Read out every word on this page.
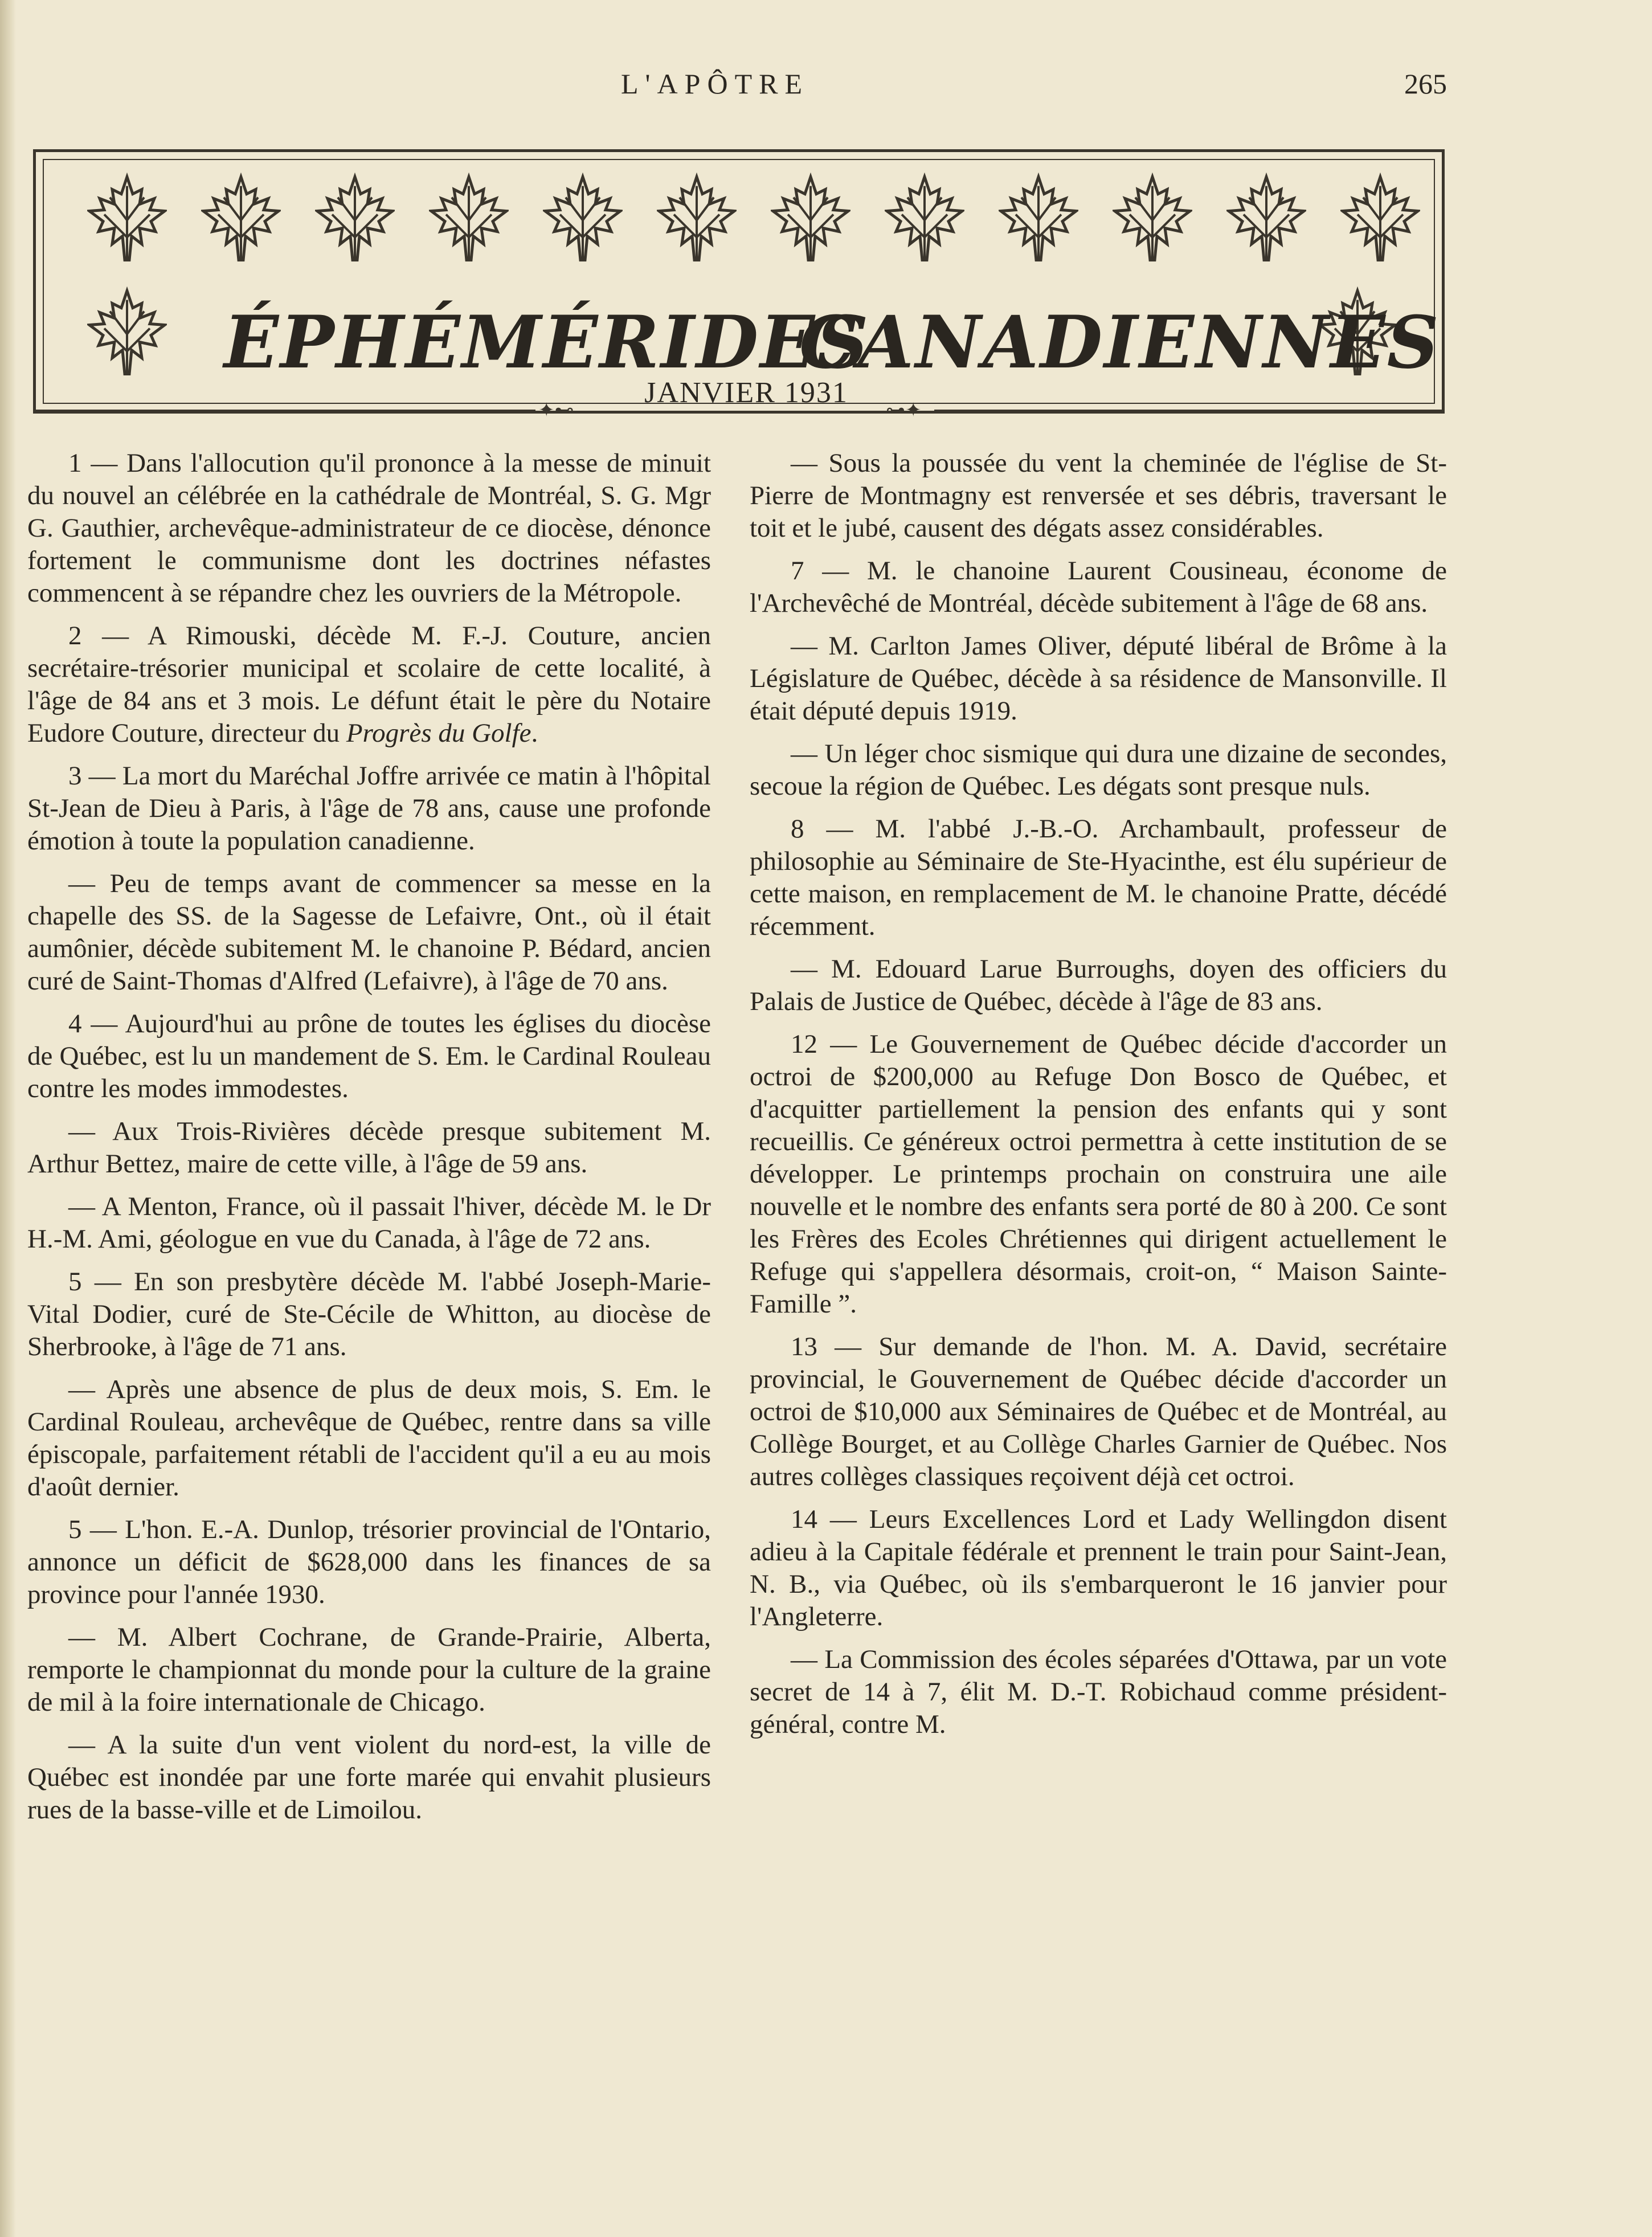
L'APÔTRE	265
ÉPHÉMÉRIDES
CANADIENNES
✦⊷
JANVIER 1931
⊶✦

1 — Dans l'allocution qu'il prononce à la messe de minuit du nouvel an célébrée en la cathédrale de Montréal, S. G. Mgr G. Gauthier, archevêque-administrateur de ce diocèse, dénonce fortement le communisme dont les doctrines néfastes commencent à se répandre chez les ouvriers de la Métropole.

2 — A Rimouski, décède M. F.-J. Couture, ancien secrétaire-trésorier municipal et scolaire de cette localité, à l'âge de 84 ans et 3 mois. Le défunt était le père du Notaire Eudore Couture, directeur du Progrès du Golfe.

3 — La mort du Maréchal Joffre arrivée ce matin à l'hôpital St-Jean de Dieu à Paris, à l'âge de 78 ans, cause une profonde émotion à toute la population canadienne.

— Peu de temps avant de commencer sa messe en la chapelle des SS. de la Sagesse de Lefaivre, Ont., où il était aumônier, décède subitement M. le chanoine P. Bédard, ancien curé de Saint-Thomas d'Alfred (Lefaivre), à l'âge de 70 ans.

4 — Aujourd'hui au prône de toutes les églises du diocèse de Québec, est lu un mandement de S. Em. le Cardinal Rouleau contre les modes immodestes.

— Aux Trois-Rivières décède presque subitement M. Arthur Bettez, maire de cette ville, à l'âge de 59 ans.

— A Menton, France, où il passait l'hiver, décède M. le Dr H.-M. Ami, géologue en vue du Canada, à l'âge de 72 ans.

5 — En son presbytère décède M. l'abbé Joseph-Marie-Vital Dodier, curé de Ste-Cécile de Whitton, au diocèse de Sherbrooke, à l'âge de 71 ans.

— Après une absence de plus de deux mois, S. Em. le Cardinal Rouleau, archevêque de Québec, rentre dans sa ville épiscopale, parfaitement rétabli de l'accident qu'il a eu au mois d'août dernier.

5 — L'hon. E.-A. Dunlop, trésorier provincial de l'Ontario, annonce un déficit de $628,000 dans les finances de sa province pour l'année 1930.

— M. Albert Cochrane, de Grande-Prairie, Alberta, remporte le championnat du monde pour la culture de la graine de mil à la foire internationale de Chicago.

— A la suite d'un vent violent du nord-est, la ville de Québec est inondée par une forte marée qui envahit plusieurs rues de la basse-ville et de Limoilou.

— Sous la poussée du vent la cheminée de l'église de St-Pierre de Montmagny est renversée et ses débris, traversant le toit et le jubé, causent des dégats assez considérables.

7 — M. le chanoine Laurent Cousineau, économe de l'Archevêché de Montréal, décède subitement à l'âge de 68 ans.

— M. Carlton James Oliver, député libéral de Brôme à la Législature de Québec, décède à sa résidence de Mansonville. Il était député depuis 1919.

— Un léger choc sismique qui dura une dizaine de secondes, secoue la région de Québec. Les dégats sont presque nuls.

8 — M. l'abbé J.-B.-O. Archambault, professeur de philosophie au Séminaire de Ste-Hyacinthe, est élu supérieur de cette maison, en remplacement de M. le chanoine Pratte, décédé récemment.

— M. Edouard Larue Burroughs, doyen des officiers du Palais de Justice de Québec, décède à l'âge de 83 ans.

12 — Le Gouvernement de Québec décide d'accorder un octroi de $200,000 au Refuge Don Bosco de Québec, et d'acquitter partiellement la pension des enfants qui y sont recueillis. Ce généreux octroi permettra à cette institution de se développer. Le printemps prochain on construira une aile nouvelle et le nombre des enfants sera porté de 80 à 200. Ce sont les Frères des Ecoles Chrétiennes qui dirigent actuellement le Refuge qui s'appellera désormais, croit-on, “ Maison Sainte-Famille ”.

13 — Sur demande de l'hon. M. A. David, secrétaire provincial, le Gouvernement de Québec décide d'accorder un octroi de $10,000 aux Séminaires de Québec et de Montréal, au Collège Bourget, et au Collège Charles Garnier de Québec. Nos autres collèges classiques reçoivent déjà cet octroi.

14 — Leurs Excellences Lord et Lady Wellingdon disent adieu à la Capitale fédérale et prennent le train pour Saint-Jean, N. B., via Québec, où ils s'embarqueront le 16 janvier pour l'Angleterre.

— La Commission des écoles séparées d'Ottawa, par un vote secret de 14 à 7, élit M. D.-T. Robichaud comme président-général, contre M.
